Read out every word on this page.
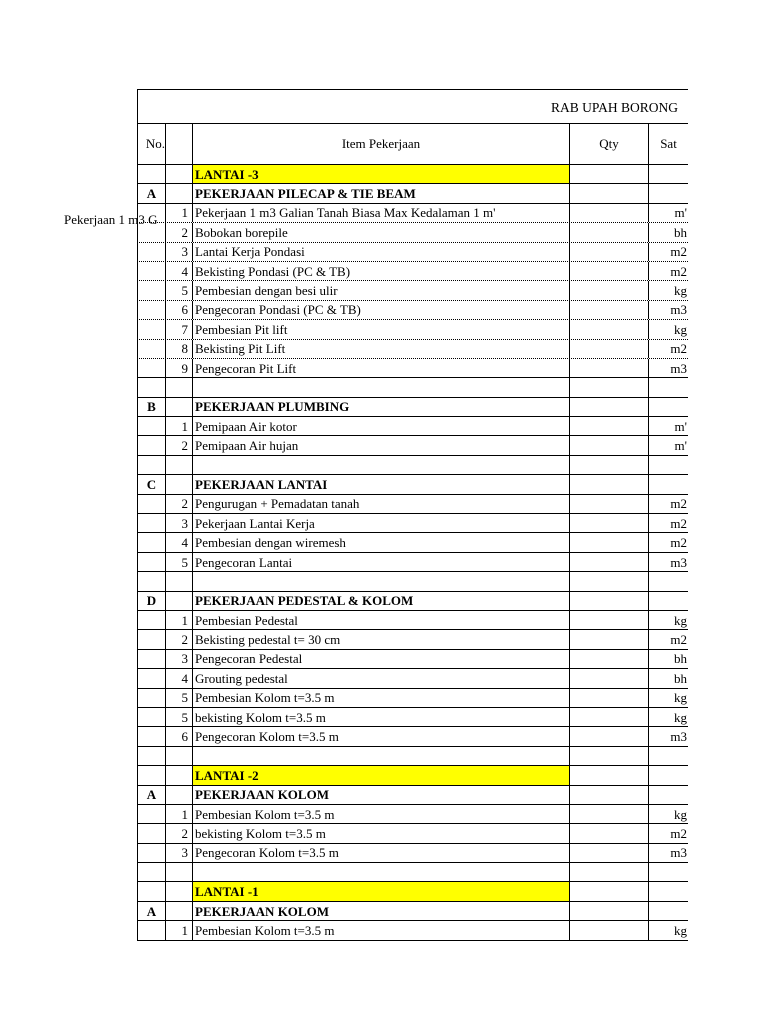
Pekerjaan 1 m3 G
RAB UPAH BORONG
No.	Item Pekerjaan	Qty	Sat
LANTAI -3
A	PEKERJAAN PILECAP & TIE BEAM
1 Pekerjaan 1 m3 Galian Tanah Biasa Max Kedalaman 1 m'	m'
2 Bobokan borepile	bh
3 Lantai Kerja Pondasi	m2
4 Bekisting Pondasi (PC & TB)	m2
5 Pembesian dengan besi ulir	kg
6 Pengecoran Pondasi (PC & TB)	m3
7 Pembesian Pit lift	kg
8 Bekisting Pit Lift	m2
9 Pengecoran Pit Lift	m3
B	PEKERJAAN PLUMBING
1 Pemipaan Air kotor	m'
2 Pemipaan Air hujan	m'
C	PEKERJAAN LANTAI
2 Pengurugan + Pemadatan tanah	m2
3 Pekerjaan Lantai Kerja	m2
4 Pembesian dengan wiremesh	m2
5 Pengecoran Lantai	m3
D	PEKERJAAN PEDESTAL & KOLOM
1 Pembesian Pedestal	kg
2 Bekisting pedestal t= 30 cm	m2
3 Pengecoran Pedestal	bh
4 Grouting pedestal	bh
5 Pembesian Kolom t=3.5 m	kg
5 bekisting Kolom t=3.5 m	kg
6 Pengecoran Kolom t=3.5 m	m3
LANTAI -2
A	PEKERJAAN KOLOM
1 Pembesian Kolom t=3.5 m	kg
2 bekisting Kolom t=3.5 m	m2
3 Pengecoran Kolom t=3.5 m	m3
LANTAI -1
A	PEKERJAAN KOLOM
1 Pembesian Kolom t=3.5 m	kg
